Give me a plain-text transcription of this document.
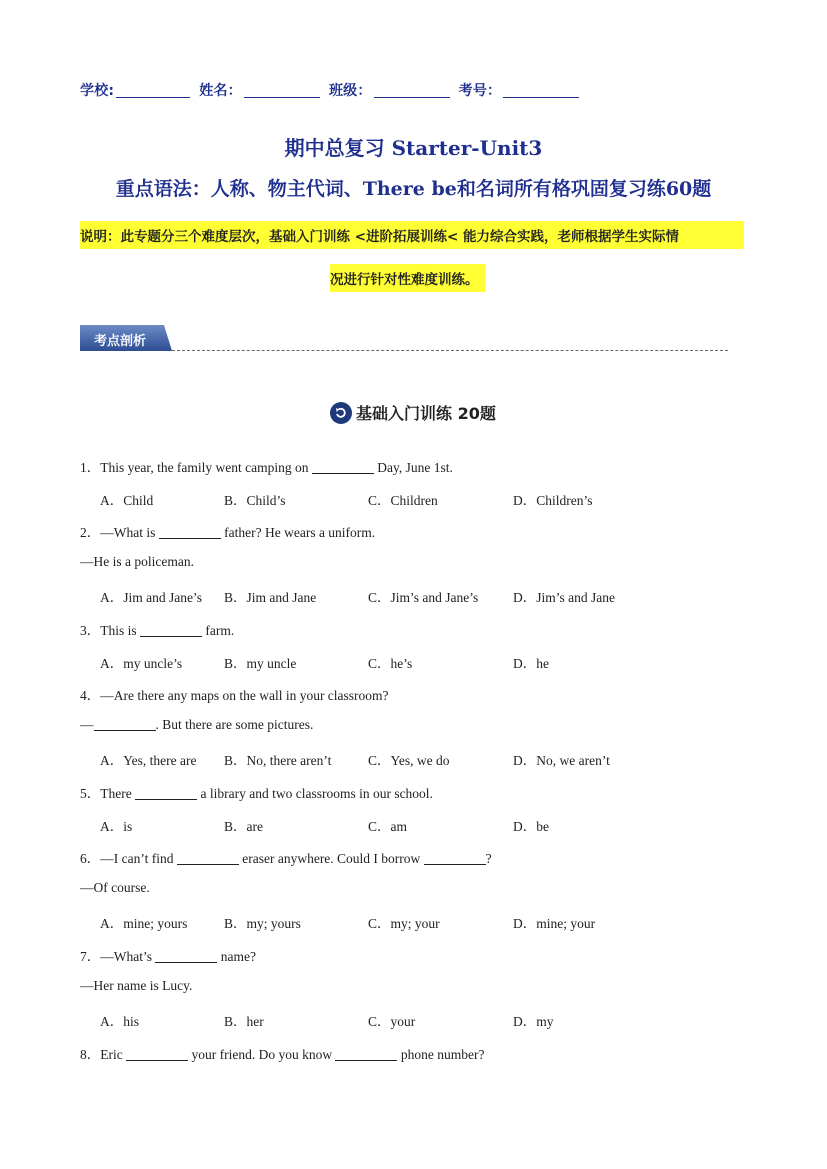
学校:	姓名：	班级：	考号：
期中总复习 Starter-Unit3
重点语法：人称、物主代词、There be和名词所有格巩固复习练60题
说明：此专题分三个难度层次，基础入门训练 <进阶拓展训练< 能力综合实践，老师根据学生实际情
况进行针对性难度训练。
考点剖析
基础入门训练 20题
1．This year, the family went camping on	Day, June 1st.
A．Child	B．Child’s	C．Children	D．Children’s
2．—What is	father? He wears a uniform.
—He is a policeman.
A．Jim and Jane’s B．Jim and Jane	C．Jim’s and Jane’s	D．Jim’s and Jane
3．This is	farm.
A．my uncle’s	B．my uncle	C．he’s	D．he
4．—Are there any maps on the wall in your classroom?
—	. But there are some pictures.
A．Yes, there are B．No, there aren’t	C．Yes, we do	D．No, we aren’t
5．There	a library and two classrooms in our school.
A．is	B．are	C．am	D．be
6．—I can’t find	eraser anywhere. Could I borrow	?
—Of course.
A．mine; yours	B．my; yours	C．my; your	D．mine; your
7．—What’s	name?
—Her name is Lucy.
A．his	B．her	C．your	D．my
8．Eric	your friend. Do you know	phone number?
